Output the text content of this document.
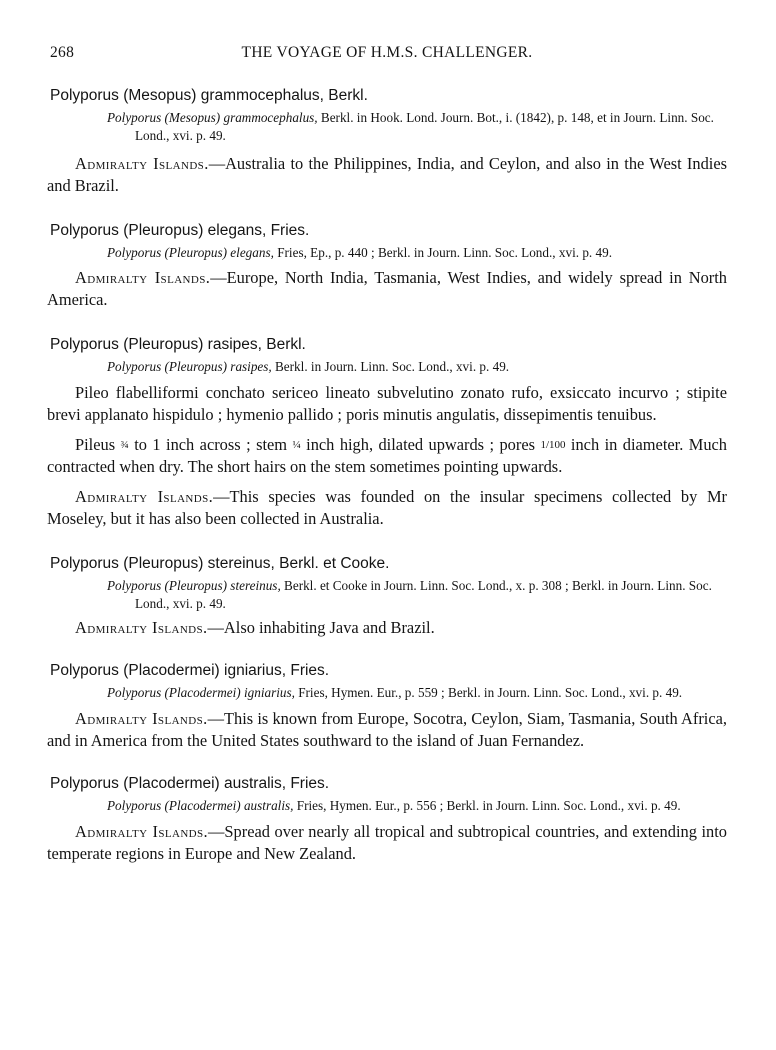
268	THE VOYAGE OF H.M.S. CHALLENGER.

Polyporus (Mesopus) grammocephalus, Berkl.

Polyporus (Mesopus) grammocephalus, Berkl. in Hook. Lond. Journ. Bot., i. (1842), p. 148, et in Journ. Linn. Soc. Lond., xvi. p. 49.

Admiralty Islands.—Australia to the Philippines, India, and Ceylon, and also in the West Indies and Brazil.

Polyporus (Pleuropus) elegans, Fries.

Polyporus (Pleuropus) elegans, Fries, Ep., p. 440 ; Berkl. in Journ. Linn. Soc. Lond., xvi. p. 49.

Admiralty Islands.—Europe, North India, Tasmania, West Indies, and widely spread in North America.

Polyporus (Pleuropus) rasipes, Berkl.

Polyporus (Pleuropus) rasipes, Berkl. in Journ. Linn. Soc. Lond., xvi. p. 49.

Pileo flabelliformi conchato sericeo lineato subvelutino zonato rufo, exsiccato incurvo ; stipite brevi applanato hispidulo ; hymenio pallido ; poris minutis angulatis, dissepimentis tenuibus.

Pileus ¾ to 1 inch across ; stem ¼ inch high, dilated upwards ; pores 1/100 inch in diameter. Much contracted when dry. The short hairs on the stem sometimes pointing upwards.

Admiralty Islands.—This species was founded on the insular specimens collected by Mr Moseley, but it has also been collected in Australia.

Polyporus (Pleuropus) stereinus, Berkl. et Cooke.

Polyporus (Pleuropus) stereinus, Berkl. et Cooke in Journ. Linn. Soc. Lond., x. p. 308 ; Berkl. in Journ. Linn. Soc. Lond., xvi. p. 49.

Admiralty Islands.—Also inhabiting Java and Brazil.

Polyporus (Placodermei) igniarius, Fries.

Polyporus (Placodermei) igniarius, Fries, Hymen. Eur., p. 559 ; Berkl. in Journ. Linn. Soc. Lond., xvi. p. 49.

Admiralty Islands.—This is known from Europe, Socotra, Ceylon, Siam, Tasmania, South Africa, and in America from the United States southward to the island of Juan Fernandez.

Polyporus (Placodermei) australis, Fries.

Polyporus (Placodermei) australis, Fries, Hymen. Eur., p. 556 ; Berkl. in Journ. Linn. Soc. Lond., xvi. p. 49.

Admiralty Islands.—Spread over nearly all tropical and subtropical countries, and extending into temperate regions in Europe and New Zealand.
